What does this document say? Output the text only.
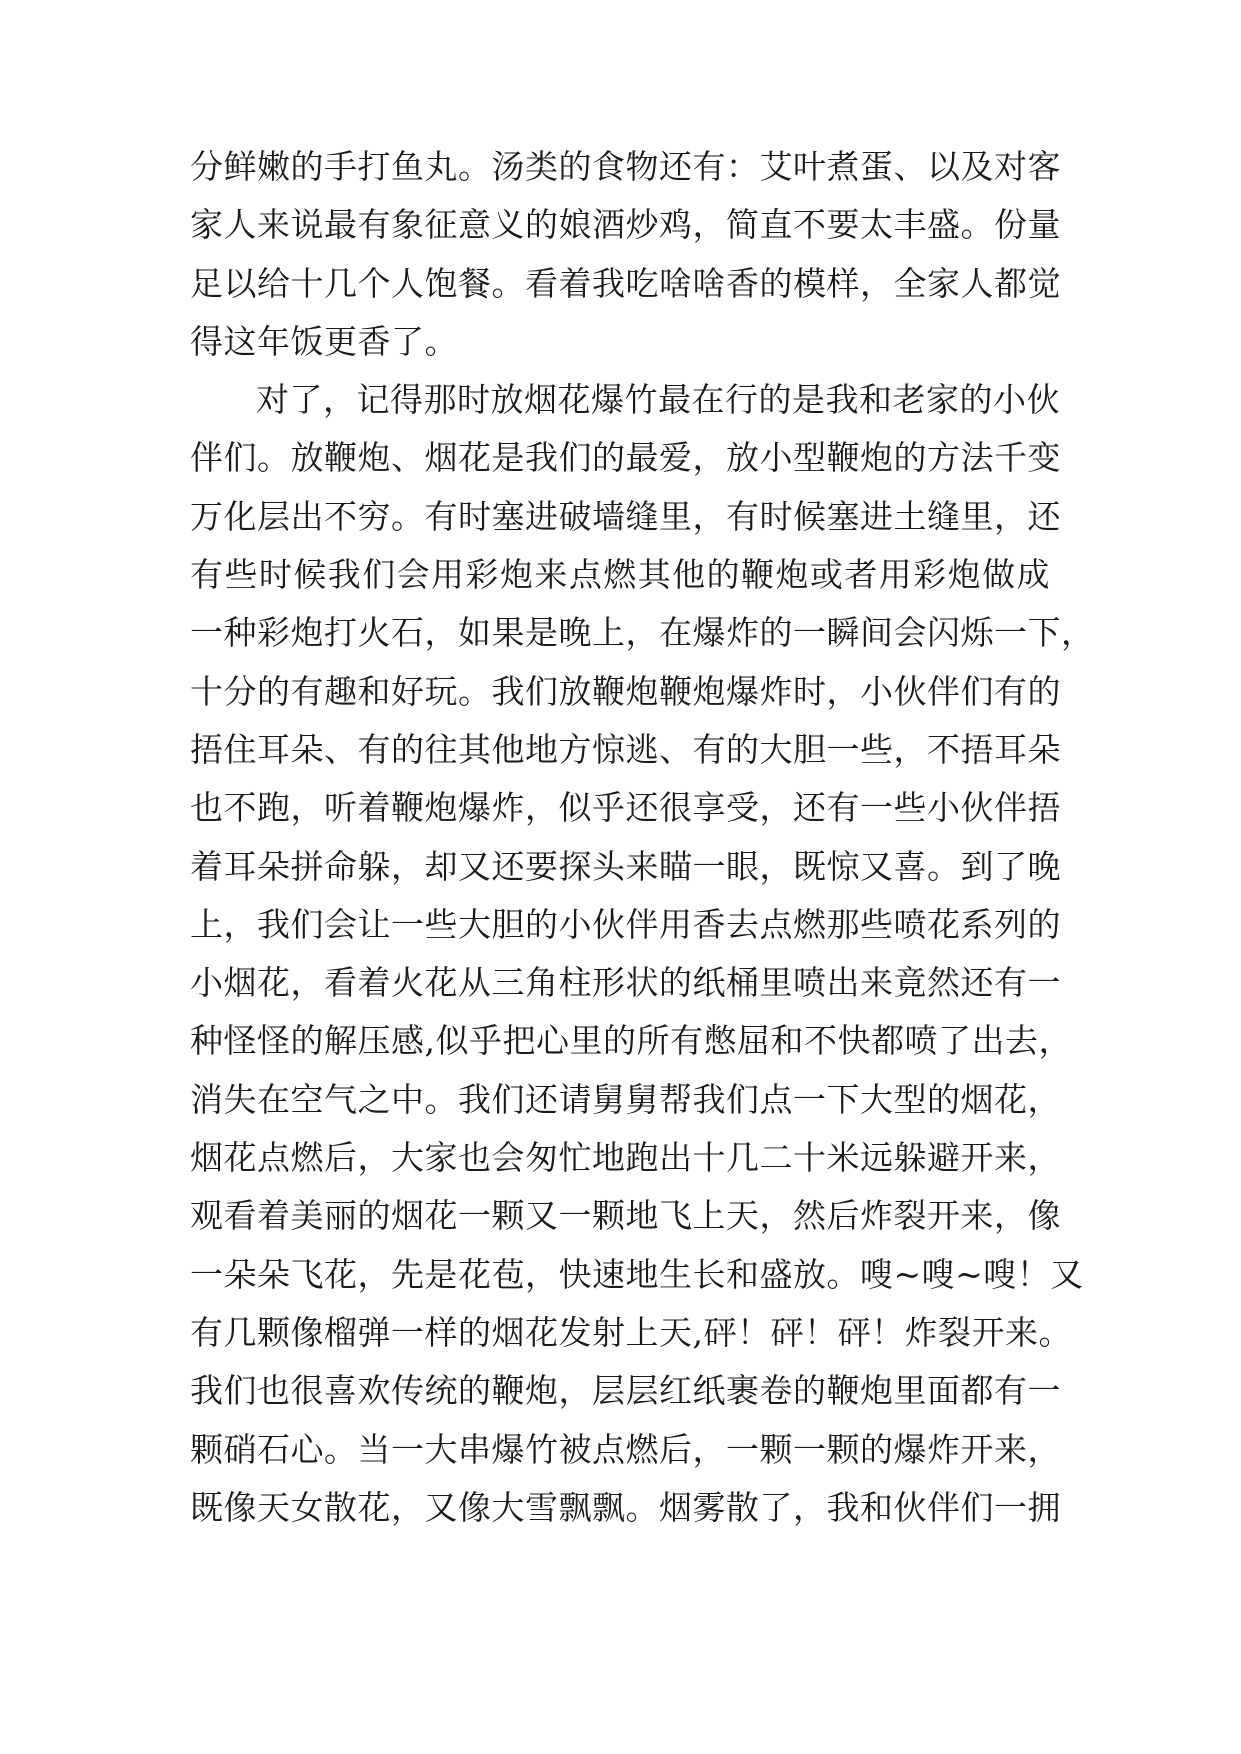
分鲜嫩的手打鱼丸。汤类的食物还有：艾叶煮蛋、以及对客
家人来说最有象征意义的娘酒炒鸡，简直不要太丰盛。份量
足以给十几个人饱餐。看着我吃啥啥香的模样，全家人都觉
得这年饭更香了。
对了，记得那时放烟花爆竹最在行的是我和老家的小伙
伴们。放鞭炮、烟花是我们的最爱，放小型鞭炮的方法千变
万化层出不穷。有时塞进破墙缝里，有时候塞进土缝里，还
有些时候我们会用彩炮来点燃其他的鞭炮或者用彩炮做成
一种彩炮打火石，如果是晚上，在爆炸的一瞬间会闪烁一下，
十分的有趣和好玩。我们放鞭炮鞭炮爆炸时，小伙伴们有的
捂住耳朵、有的往其他地方惊逃、有的大胆一些，不捂耳朵
也不跑，听着鞭炮爆炸，似乎还很享受，还有一些小伙伴捂
着耳朵拼命躲，却又还要探头来瞄一眼，既惊又喜。到了晚
上，我们会让一些大胆的小伙伴用香去点燃那些喷花系列的
小烟花，看着火花从三角柱形状的纸桶里喷出来竟然还有一
种怪怪的解压感,似乎把心里的所有憋屈和不快都喷了出去，
消失在空气之中。我们还请舅舅帮我们点一下大型的烟花，
烟花点燃后，大家也会匆忙地跑出十几二十米远躲避开来，
观看着美丽的烟花一颗又一颗地飞上天，然后炸裂开来，像
一朵朵飞花，先是花苞，快速地生长和盛放。嗖~嗖~嗖！又
有几颗像榴弹一样的烟花发射上天,砰！砰！砰！炸裂开来。
我们也很喜欢传统的鞭炮，层层红纸裹卷的鞭炮里面都有一
颗硝石心。当一大串爆竹被点燃后，一颗一颗的爆炸开来，
既像天女散花，又像大雪飘飘。烟雾散了，我和伙伴们一拥
